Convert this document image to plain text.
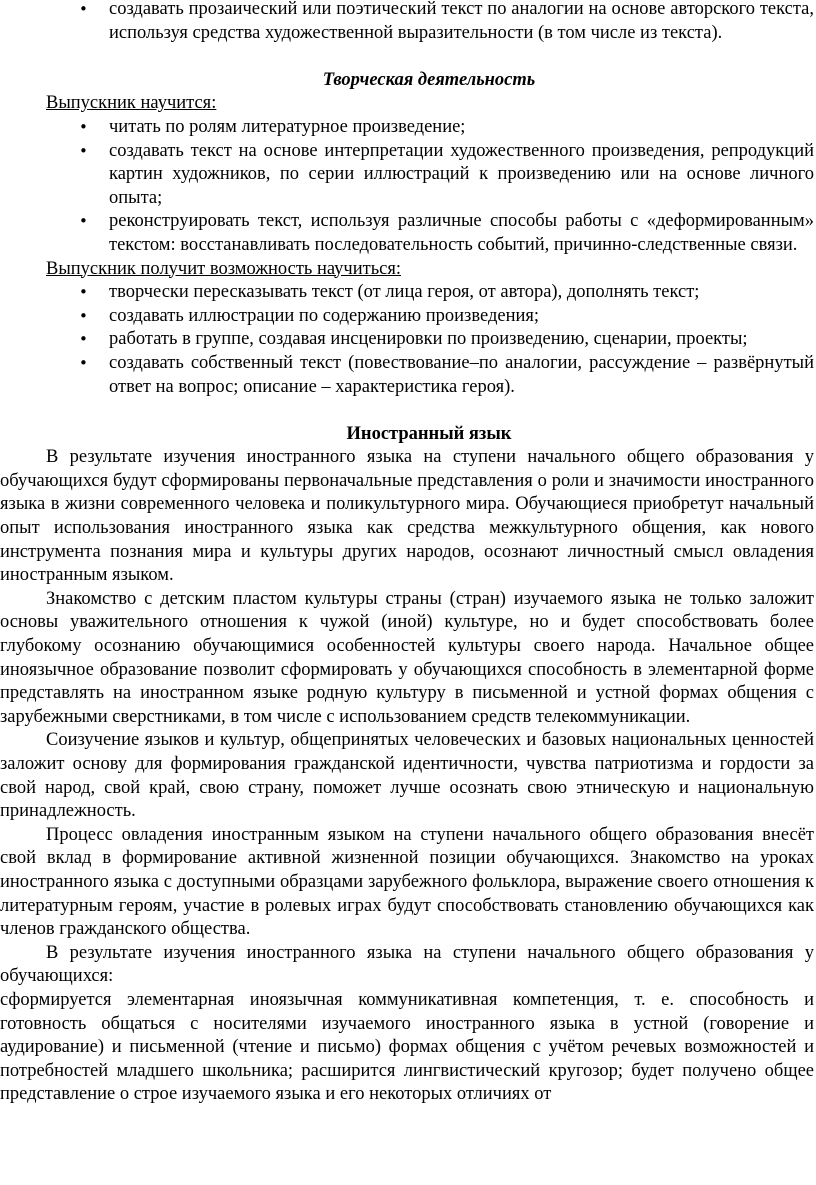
• создавать прозаический или поэтический текст по аналогии на основе авторского текста, используя средства художественной выразительности (в том числе из текста).
Творческая деятельность
Выпускник научится:
• читать по ролям литературное произведение;
• создавать текст на основе интерпретации художественного произведения, репродукций картин художников, по серии иллюстраций к произведению или на основе личного опыта;
• реконструировать текст, используя различные способы работы с «деформированным» текстом: восстанавливать последовательность событий, причинно-следственные связи.
Выпускник получит возможность научиться:
• творчески пересказывать текст (от лица героя, от автора), дополнять текст;
• создавать иллюстрации по содержанию произведения;
• работать в группе, создавая инсценировки по произведению, сценарии, проекты;
• создавать собственный текст (повествование–по аналогии, рассуждение – развёрнутый ответ на вопрос; описание – характеристика героя).
Иностранный язык

В результате изучения иностранного языка на ступени начального общего образования у обучающихся будут сформированы первоначальные представления о роли и значимости иностранного языка в жизни современного человека и поликультурного мира. Обучающиеся приобретут начальный опыт использования иностранного языка как средства межкультурного общения, как нового инструмента познания мира и культуры других народов, осознают личностный смысл овладения иностранным языком.

Знакомство с детским пластом культуры страны (стран) изучаемого языка не только заложит основы уважительного отношения к чужой (иной) культуре, но и будет способствовать более глубокому осознанию обучающимися особенностей культуры своего народа. Начальное общее иноязычное образование позволит сформировать у обучающихся способность в элементарной форме представлять на иностранном языке родную культуру в письменной и устной формах общения с зарубежными сверстниками, в том числе с использованием средств телекоммуникации.

Соизучение языков и культур, общепринятых человеческих и базовых национальных ценностей заложит основу для формирования гражданской идентичности, чувства патриотизма и гордости за свой народ, свой край, свою страну, поможет лучше осознать свою этническую и национальную принадлежность.

Процесс овладения иностранным языком на ступени начального общего образования внесёт свой вклад в формирование активной жизненной позиции обучающихся. Знакомство на уроках иностранного языка с доступными образцами зарубежного фольклора, выражение своего отношения к литературным героям, участие в ролевых играх будут способствовать становлению обучающихся как членов гражданского общества.

В результате изучения иностранного языка на ступени начального общего образования у обучающихся:

сформируется элементарная иноязычная коммуникативная компетенция, т. е. способность и готовность общаться с носителями изучаемого иностранного языка в устной (говорение и аудирование) и письменной (чтение и письмо) формах общения с учётом речевых возможностей и потребностей младшего школьника; расширится лингвистический кругозор; будет получено общее представление о строе изучаемого языка и его некоторых отличиях от
